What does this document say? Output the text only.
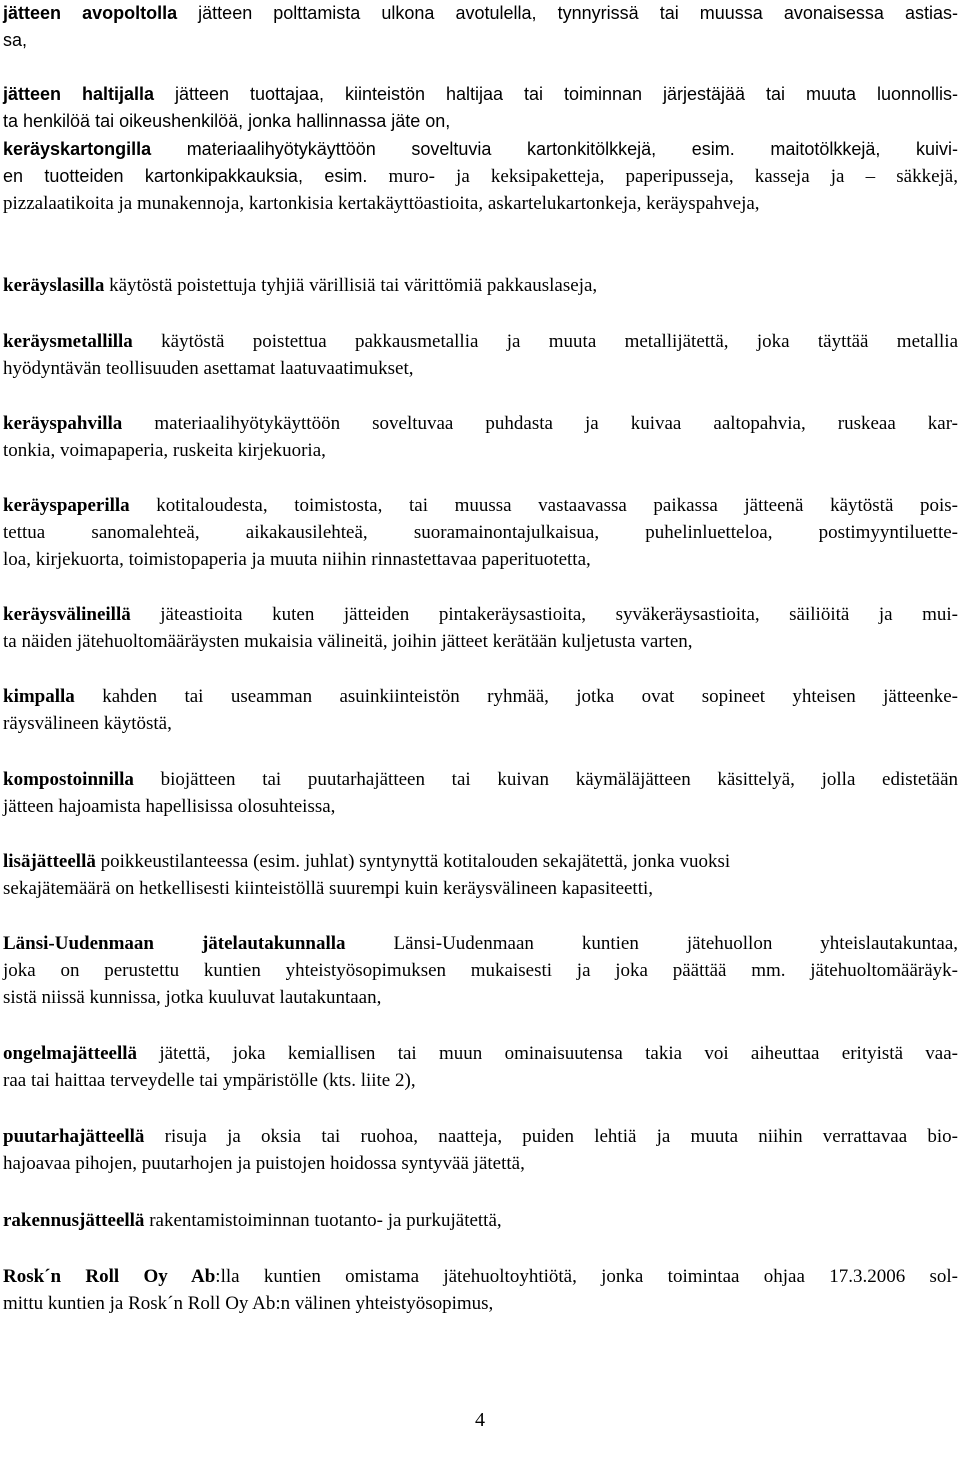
jätteen avopoltolla jätteen polttamista ulkona avotulella, tynnyrissä tai muussa avonaisessa astias-
sa,

jätteen haltijalla jätteen tuottajaa, kiinteistön haltijaa tai toiminnan järjestäjää tai muuta luonnollis-
ta henkilöä tai oikeushenkilöä, jonka hallinnassa jäte on,

keräyskartongilla materiaalihyötykäyttöön soveltuvia kartonkitölkkejä, esim. maitotölkkejä, kuivi-

en tuotteiden kartonkipakkauksia, esim. muro- ja keksipaketteja, paperipusseja, kasseja ja – säkkejä,
pizzalaatikoita ja munakennoja, kartonkisia kertakäyttöastioita, askartelukartonkeja, keräyspahveja,

keräyslasilla käytöstä poistettuja tyhjiä värillisiä tai värittömiä pakkauslaseja,

keräysmetallilla käytöstä poistettua pakkausmetallia ja muuta metallijätettä, joka täyttää metallia
hyödyntävän teollisuuden asettamat laatuvaatimukset,

keräyspahvilla materiaalihyötykäyttöön soveltuvaa puhdasta ja kuivaa aaltopahvia, ruskeaa kar-
tonkia, voimapaperia, ruskeita kirjekuoria,

keräyspaperilla kotitaloudesta, toimistosta, tai muussa vastaavassa paikassa jätteenä käytöstä pois-
tettua sanomalehteä, aikakausilehteä, suoramainontajulkaisua, puhelinluetteloa, postimyyntiluette-
loa, kirjekuorta, toimistopaperia ja muuta niihin rinnastettavaa paperituotetta,

keräysvälineillä jäteastioita kuten jätteiden pintakeräysastioita, syväkeräysastioita, säiliöitä ja mui-
ta näiden jätehuoltomääräysten mukaisia välineitä, joihin jätteet kerätään kuljetusta varten,

kimpalla kahden tai useamman asuinkiinteistön ryhmää, jotka ovat sopineet yhteisen jätteenke-
räysvälineen käytöstä,

kompostoinnilla biojätteen tai puutarhajätteen tai kuivan käymäläjätteen käsittelyä, jolla edistetään
jätteen hajoamista hapellisissa olosuhteissa,

lisäjätteellä poikkeustilanteessa (esim. juhlat) syntynyttä kotitalouden sekajätettä, jonka vuoksi
sekajätemäärä on hetkellisesti kiinteistöllä suurempi kuin keräysvälineen kapasiteetti,

Länsi-Uudenmaan jätelautakunnalla	Länsi-Uudenmaan kuntien jätehuollon yhteislautakuntaa,
joka on perustettu kuntien yhteistyösopimuksen mukaisesti ja joka päättää mm. jätehuoltomääräyk-
sistä niissä kunnissa, jotka kuuluvat lautakuntaan,

ongelmajätteellä jätettä, joka kemiallisen tai muun ominaisuutensa takia voi aiheuttaa erityistä vaa-
raa tai haittaa terveydelle tai ympäristölle (kts. liite 2),

puutarhajätteellä risuja ja oksia tai ruohoa, naatteja, puiden lehtiä ja muuta niihin verrattavaa bio-
hajoavaa pihojen, puutarhojen ja puistojen hoidossa syntyvää jätettä,

rakennusjätteellä rakentamistoiminnan tuotanto- ja purkujätettä,

Rosk´n Roll Oy Ab:lla kuntien omistama jätehuoltoyhtiötä, jonka toimintaa ohjaa 17.3.2006 sol-
mittu kuntien ja Rosk´n Roll Oy Ab:n välinen yhteistyösopimus,

4
